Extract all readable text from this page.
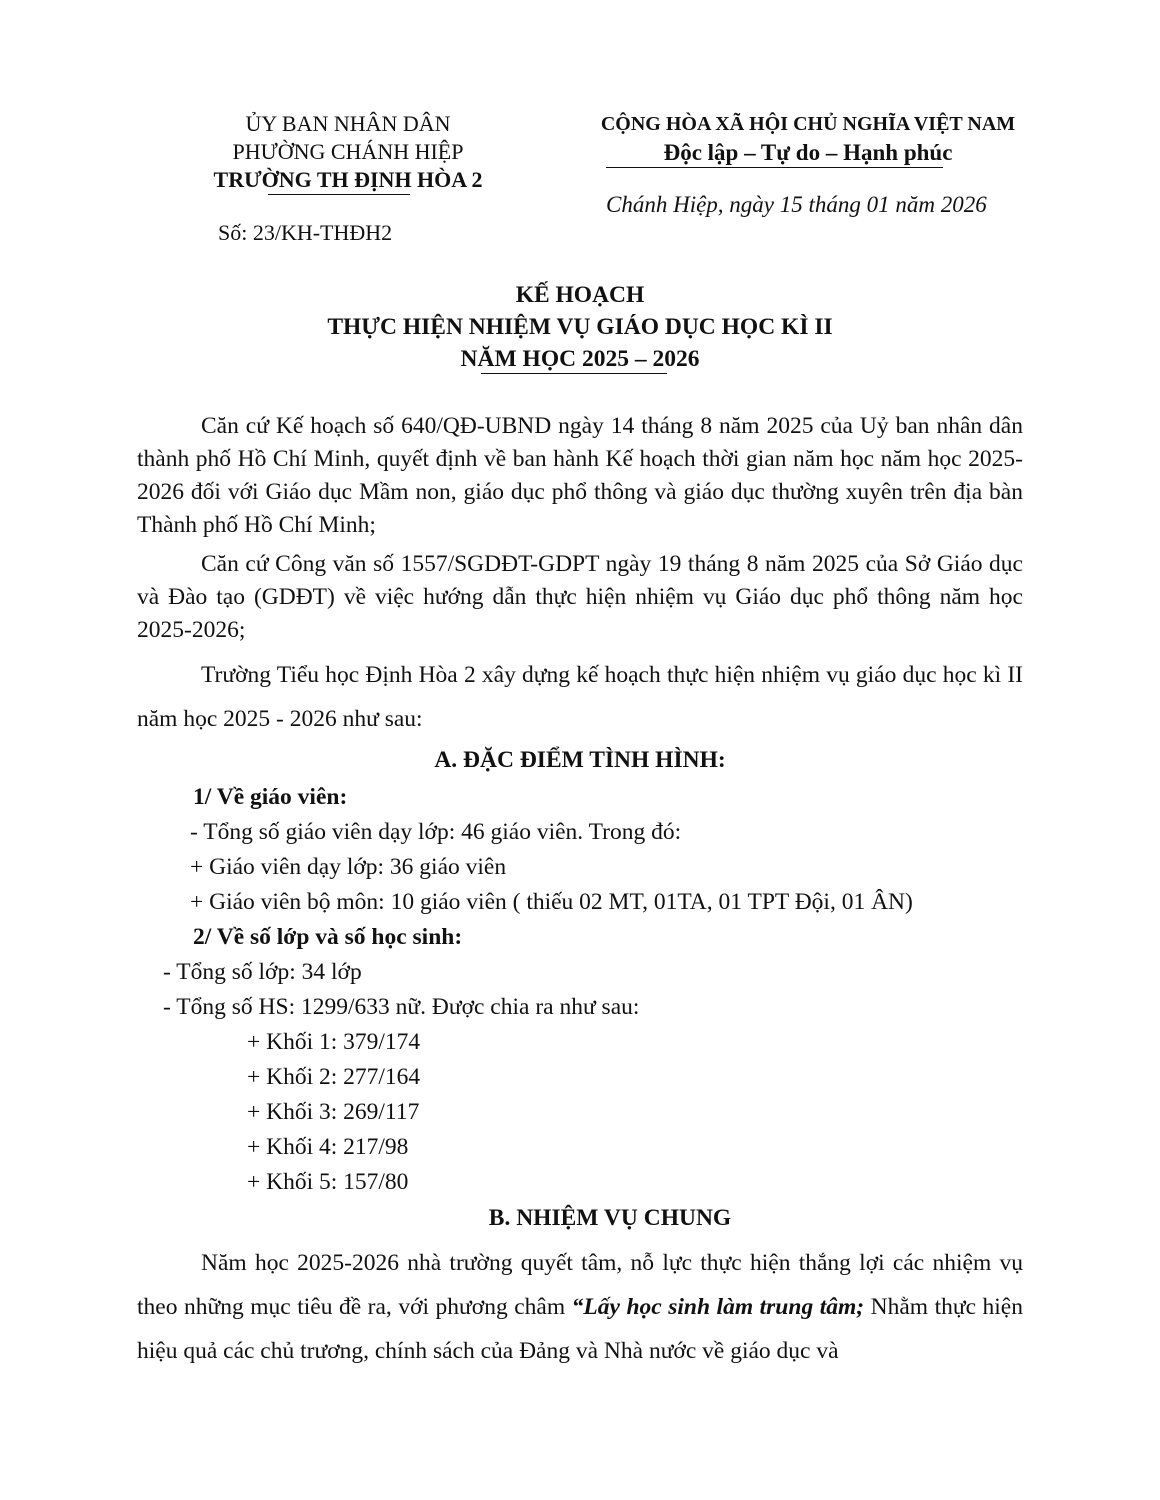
ỦY BAN NHÂN DÂN
PHƯỜNG CHÁNH HIỆP
TRƯỜNG TH ĐỊNH HÒA 2
Số: 23/KH-THĐH2
CỘNG HÒA XÃ HỘI CHỦ NGHĨA VIỆT NAM
Độc lập – Tự do – Hạnh phúc
Chánh Hiệp, ngày 15 tháng 01 năm 2026
KẾ HOẠCH
THỰC HIỆN NHIỆM VỤ GIÁO DỤC HỌC KÌ II
NĂM HỌC 2025 – 2026
Căn cứ Kế hoạch số 640/QĐ-UBND ngày 14 tháng 8 năm 2025 của Uỷ ban nhân dân thành phố Hồ Chí Minh, quyết định về ban hành Kế hoạch thời gian năm học năm học 2025-2026 đối với Giáo dục Mầm non, giáo dục phổ thông và giáo dục thường xuyên trên địa bàn Thành phố Hồ Chí Minh;
Căn cứ Công văn số 1557/SGDĐT-GDPT ngày 19 tháng 8 năm 2025 của Sở Giáo dục và Đào tạo (GDĐT) về việc hướng dẫn thực hiện nhiệm vụ Giáo dục phổ thông năm học 2025-2026;
Trường Tiểu học Định Hòa 2 xây dựng kế hoạch thực hiện nhiệm vụ giáo dục học kì II năm học 2025 - 2026 như sau:
A. ĐẶC ĐIỂM TÌNH HÌNH:
1/ Về giáo viên:
- Tổng số giáo viên dạy lớp: 46 giáo viên. Trong đó:
+ Giáo viên dạy lớp: 36 giáo viên
+ Giáo viên bộ môn: 10 giáo viên ( thiếu 02 MT, 01TA, 01 TPT Đội, 01 ÂN)
2/ Về số lớp và số học sinh:
- Tổng số lớp: 34 lớp
- Tổng số HS: 1299/633 nữ. Được chia ra như sau:
+ Khối 1: 379/174
+ Khối 2: 277/164
+ Khối 3: 269/117
+ Khối 4: 217/98
+ Khối 5: 157/80
B. NHIỆM VỤ CHUNG
Năm học 2025-2026 nhà trường quyết tâm, nỗ lực thực hiện thắng lợi các nhiệm vụ theo những mục tiêu đề ra, với phương châm “Lấy học sinh làm trung tâm; Nhằm thực hiện hiệu quả các chủ trương, chính sách của Đảng và Nhà nước về giáo dục và
